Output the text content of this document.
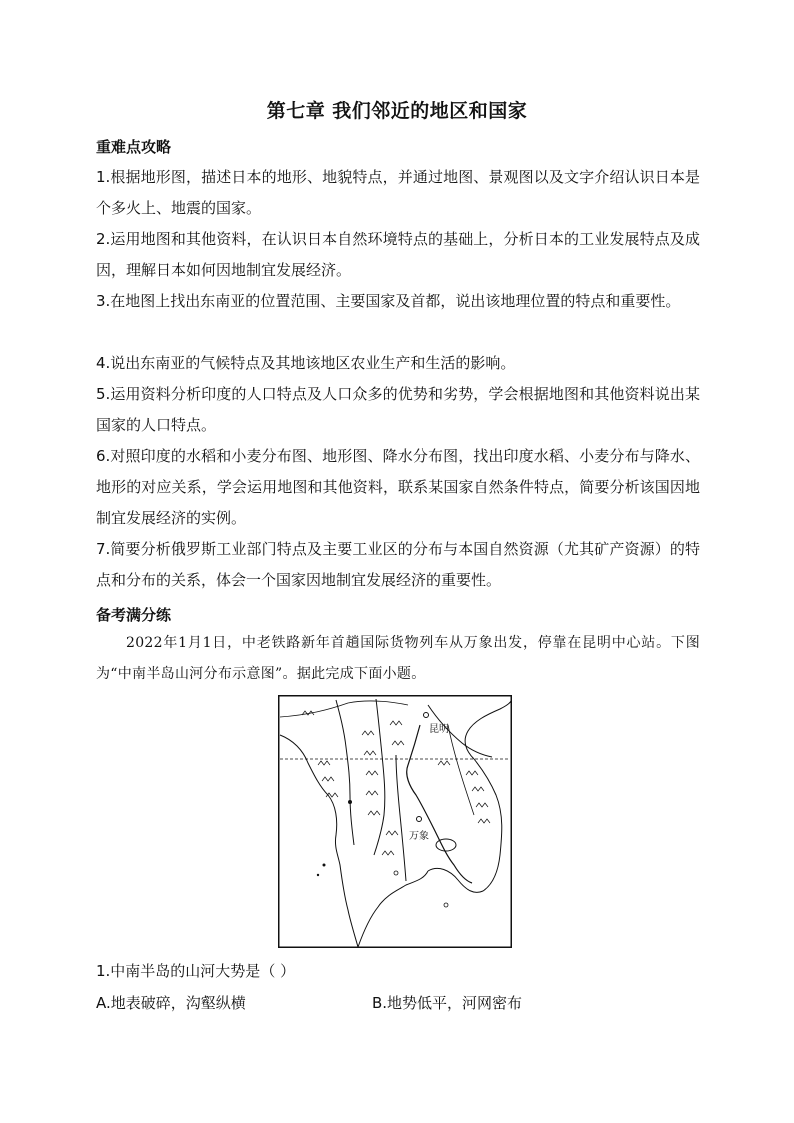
第七章 我们邻近的地区和国家
重难点攻略
1.根据地形图，描述日本的地形、地貌特点，并通过地图、景观图以及文字介绍认识日本是个多火上、地震的国家。
2.运用地图和其他资料，在认识日本自然环境特点的基础上，分析日本的工业发展特点及成因，理解日本如何因地制宜发展经济。
3.在地图上找出东南亚的位置范围、主要国家及首都，说出该地理位置的特点和重要性。
4.说出东南亚的气候特点及其地该地区农业生产和生活的影响。
5.运用资料分析印度的人口特点及人口众多的优势和劣势，学会根据地图和其他资料说出某国家的人口特点。
6.对照印度的水稻和小麦分布图、地形图、降水分布图，找出印度水稻、小麦分布与降水、地形的对应关系，学会运用地图和其他资料，联系某国家自然条件特点，简要分析该国因地制宜发展经济的实例。
7.简要分析俄罗斯工业部门特点及主要工业区的分布与本国自然资源（尤其矿产资源）的特点和分布的关系，体会一个国家因地制宜发展经济的重要性。
备考满分练
2022年1月1日，中老铁路新年首趟国际货物列车从万象出发，停靠在昆明中心站。下图为“中南半岛山河分布示意图”。据此完成下面小题。
昆明
万象
1.中南半岛的山河大势是（ ）
A.地表破碎，沟壑纵横	B.地势低平，河网密布
